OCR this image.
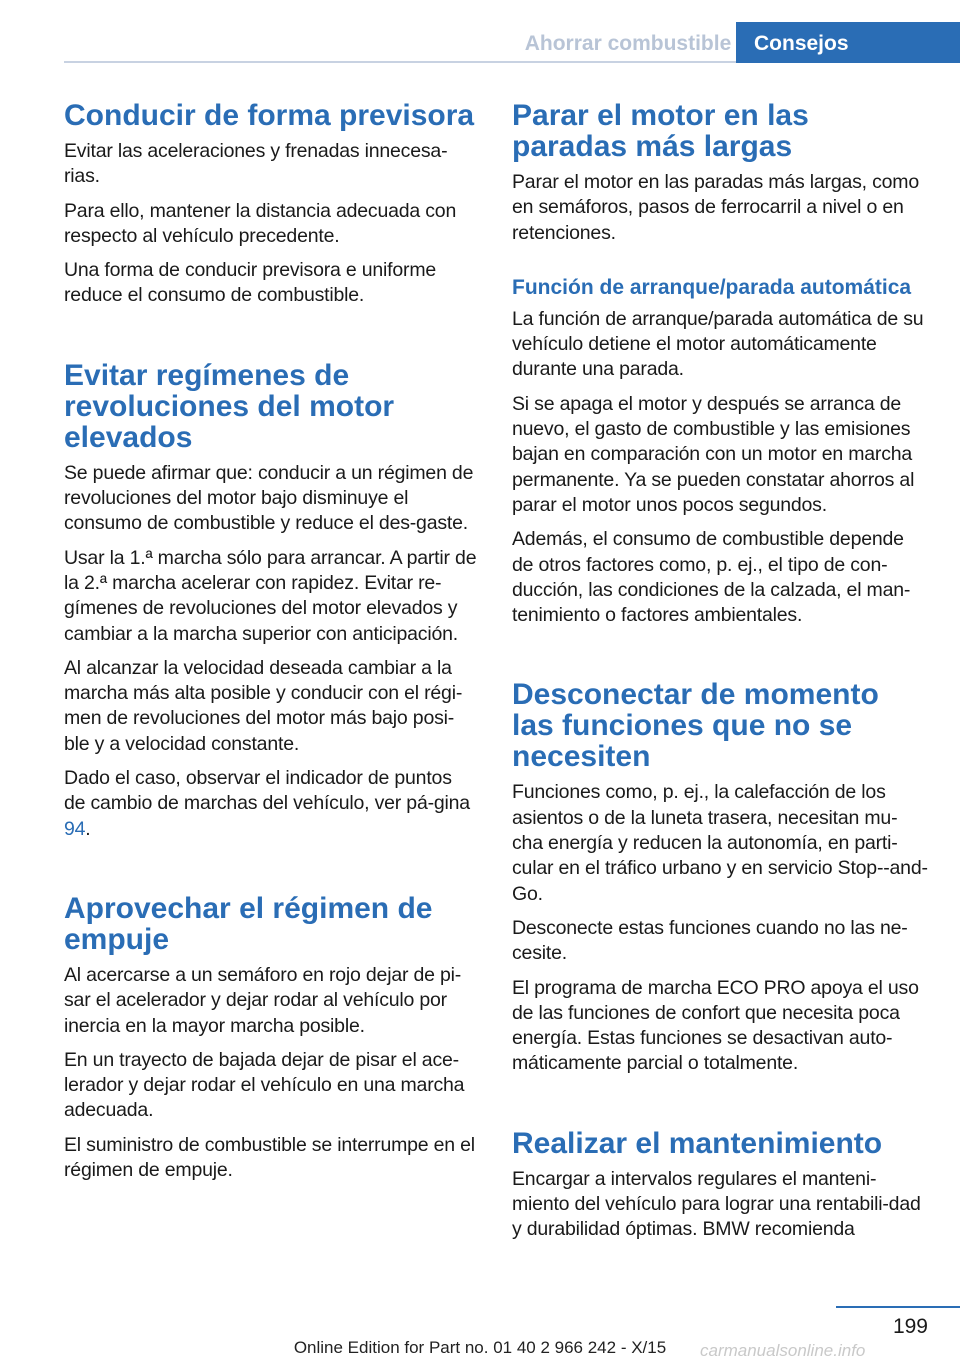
Ahorrar combustible	Consejos
Conducir de forma previsora

Evitar las aceleraciones y frenadas innecesa-rias.

Para ello, mantener la distancia adecuada con respecto al vehículo precedente.

Una forma de conducir previsora e uniforme reduce el consumo de combustible.

Evitar regímenes de revoluciones del motor elevados

Se puede afirmar que: conducir a un régimen de revoluciones del motor bajo disminuye el consumo de combustible y reduce el des-gaste.

Usar la 1.ª marcha sólo para arrancar. A partir de la 2.ª marcha acelerar con rapidez. Evitar re-gímenes de revoluciones del motor elevados y cambiar a la marcha superior con anticipación.

Al alcanzar la velocidad deseada cambiar a la marcha más alta posible y conducir con el régi-men de revoluciones del motor más bajo posi-ble y a velocidad constante.

Dado el caso, observar el indicador de puntos de cambio de marchas del vehículo, ver pá-gina 94.

Aprovechar el régimen de empuje

Al acercarse a un semáforo en rojo dejar de pi-sar el acelerador y dejar rodar al vehículo por inercia en la mayor marcha posible.

En un trayecto de bajada dejar de pisar el ace-lerador y dejar rodar el vehículo en una marcha adecuada.

El suministro de combustible se interrumpe en el régimen de empuje.

Parar el motor en las paradas más largas

Parar el motor en las paradas más largas, como en semáforos, pasos de ferrocarril a nivel o en retenciones.

Función de arranque/parada automática

La función de arranque/parada automática de su vehículo detiene el motor automáticamente durante una parada.

Si se apaga el motor y después se arranca de nuevo, el gasto de combustible y las emisiones bajan en comparación con un motor en marcha permanente. Ya se pueden constatar ahorros al parar el motor unos pocos segundos.

Además, el consumo de combustible depende de otros factores como, p. ej., el tipo de con-ducción, las condiciones de la calzada, el man-tenimiento o factores ambientales.

Desconectar de momento las funciones que no se necesiten

Funciones como, p. ej., la calefacción de los asientos o de la luneta trasera, necesitan mu-cha energía y reducen la autonomía, en parti-cular en el tráfico urbano y en servicio Stop--and-Go.

Desconecte estas funciones cuando no las ne-cesite.

El programa de marcha ECO PRO apoya el uso de las funciones de confort que necesita poca energía. Estas funciones se desactivan auto-máticamente parcial o totalmente.

Realizar el mantenimiento

Encargar a intervalos regulares el manteni-miento del vehículo para lograr una rentabili-dad y durabilidad óptimas. BMW recomienda

199
carmanualsonline.info
Online Edition for Part no. 01 40 2 966 242 - X/15
